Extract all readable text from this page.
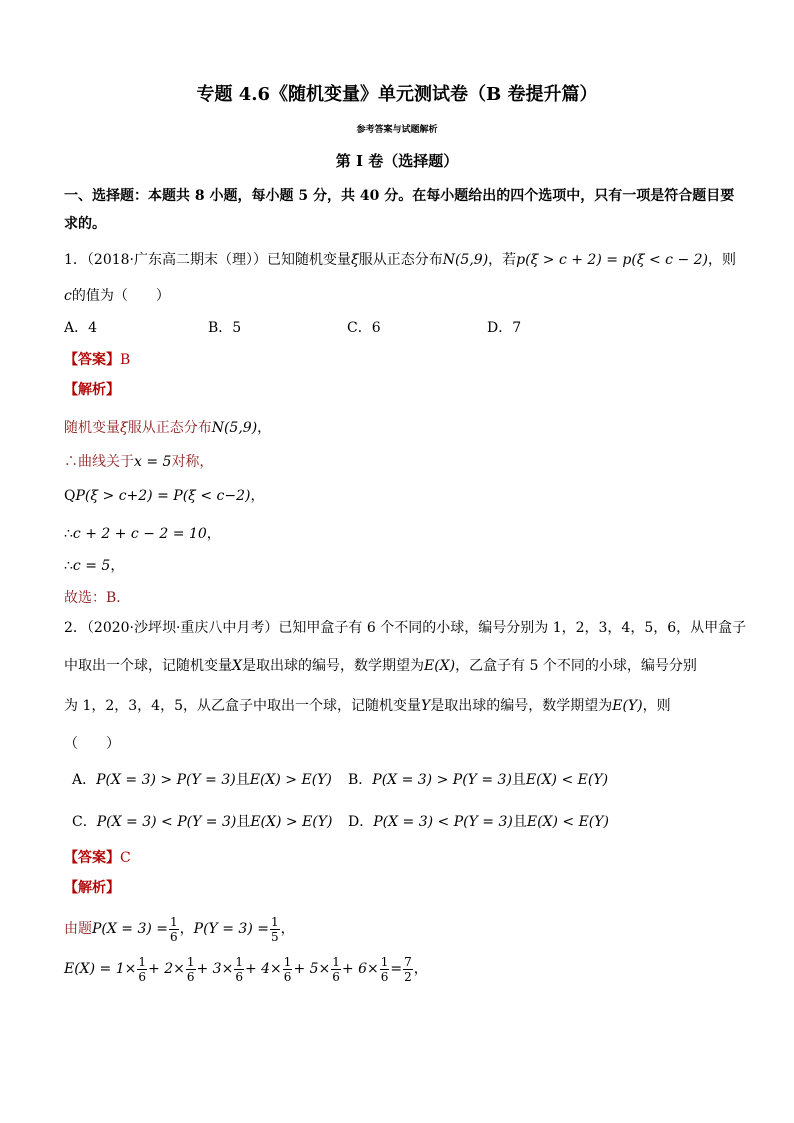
专题 4.6《随机变量》单元测试卷（B 卷提升篇）
参考答案与试题解析
第 I 卷（选择题）
一、选择题：本题共 8 小题，每小题 5 分，共 40 分。在每小题给出的四个选项中，只有一项是符合题目要
求的。
1．（2018·广东高二期末（理））已知随机变量ξ服从正态分布N(5,9)，若p(ξ > c + 2) = p(ξ < c − 2)，则
c的值为（　　）
A．4	B．5	C．6	D．7
【答案】B
【解析】
随机变量ξ服从正态分布N(5,9)，
∴曲线关于x = 5对称，
QP(ξ > c+2) = P(ξ < c−2)，
∴c + 2 + c − 2 = 10，
∴c = 5，
故选：B．
2．（2020·沙坪坝·重庆八中月考）已知甲盒子有 6 个不同的小球，编号分别为 1，2，3，4，5，6，从甲盒子
中取出一个球，记随机变量X是取出球的编号，数学期望为E(X)，乙盒子有 5 个不同的小球，编号分别
为 1，2，3，4，5，从乙盒子中取出一个球，记随机变量Y是取出球的编号，数学期望为E(Y)，则
（　　）
A．P(X = 3) > P(Y = 3)且E(X) > E(Y) B．P(X = 3) > P(Y = 3)且E(X) < E(Y)
C．P(X = 3) < P(Y = 3)且E(X) > E(Y) D．P(X = 3) < P(Y = 3)且E(X) < E(Y)
【答案】C
【解析】
由题$P(X = 3) = \frac{1}{6}$ ，$P(Y = 3) = \frac{1}{5}$ ，
$E(X) = 1\times \frac{1}{6} + 2\times \frac{1}{6} + 3\times \frac{1}{6} + 4\times \frac{1}{6} + 5\times \frac{1}{6} + 6\times \frac{1}{6} = \frac{7}{2}$ ，
